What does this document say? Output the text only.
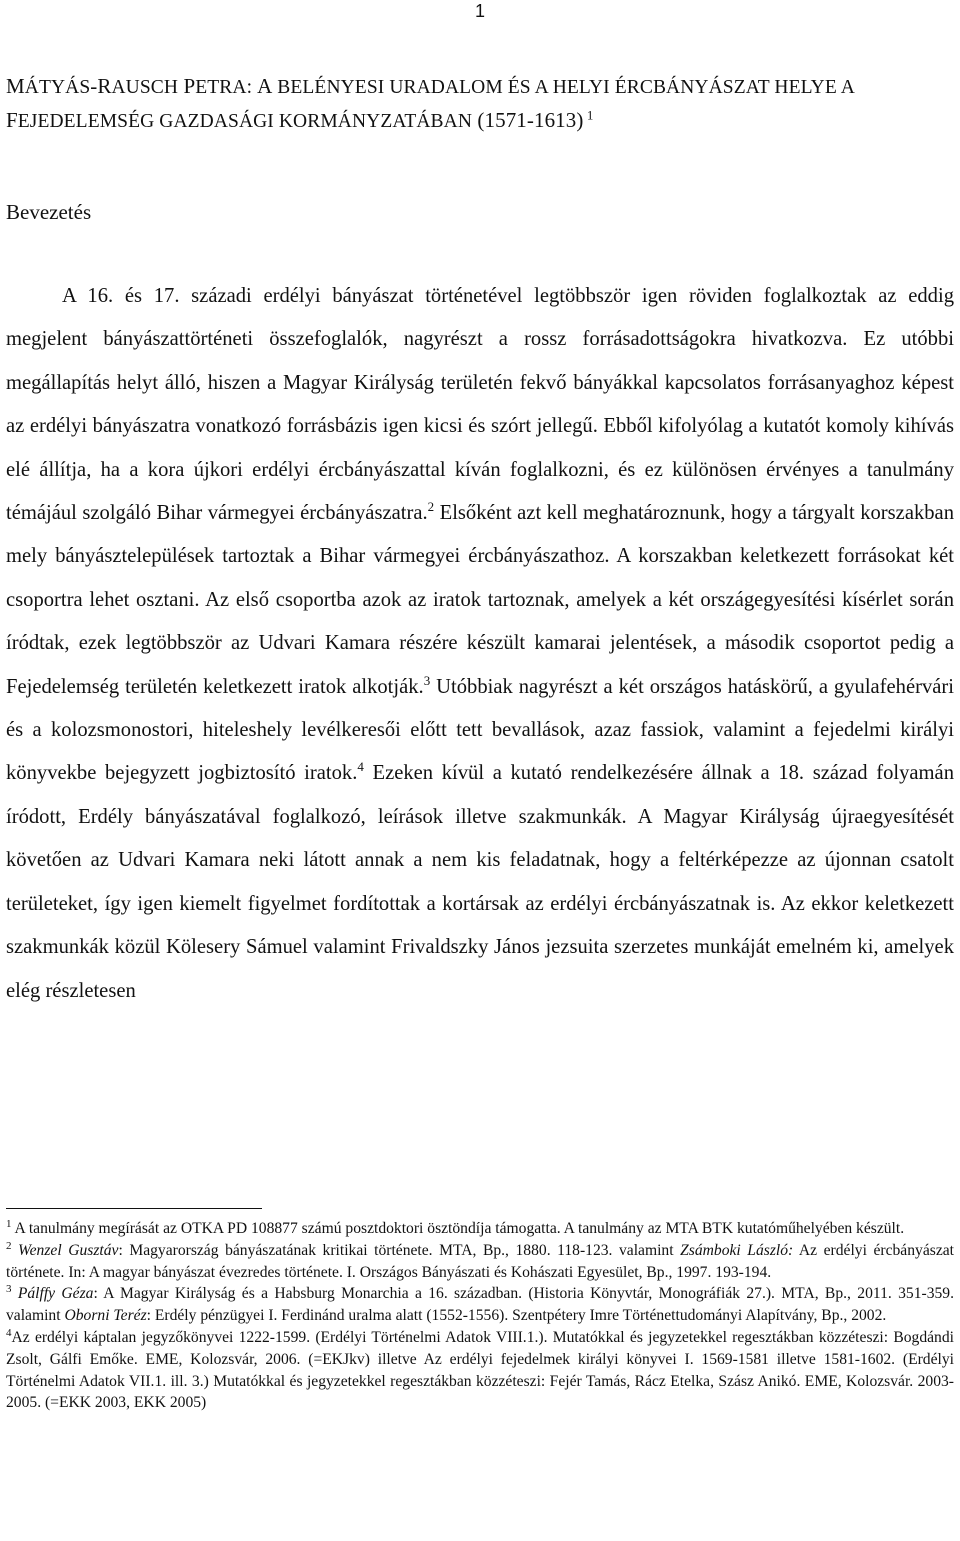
1
MÁTYÁS-RAUSCH PETRA: A BELÉNYESI URADALOM ÉS A HELYI ÉRCBÁNYÁSZAT HELYE A
FEJEDELEMSÉG GAZDASÁGI KORMÁNYZATÁBAN (1571-1613) $^1$
Bevezetés

A 16. és 17. századi erdélyi bányászat történetével legtöbbször igen röviden foglalkoztak az eddig megjelent bányászattörténeti összefoglalók, nagyrészt a rossz forrásadottságokra hivatkozva. Ez utóbbi megállapítás helyt álló, hiszen a Magyar Királyság területén fekvő bányákkal kapcsolatos forrásanyaghoz képest az erdélyi bányászatra vonatkozó forrásbázis igen kicsi és szórt jellegű. Ebből kifolyólag a kutatót komoly kihívás elé állítja, ha a kora újkori erdélyi ércbányászattal kíván foglalkozni, és ez különösen érvényes a tanulmány témájául szolgáló Bihar vármegyei ércbányászatra.$^2$ Elsőként azt kell meghatároznunk, hogy a tárgyalt korszakban mely bányásztelepülések tartoztak a Bihar vármegyei ércbányászathoz. A korszakban keletkezett forrásokat két csoportra lehet osztani. Az első csoportba azok az iratok tartoznak, amelyek a két országegyesítési kísérlet során íródtak, ezek legtöbbször az Udvari Kamara részére készült kamarai jelentések, a második csoportot pedig a Fejedelemség területén keletkezett iratok alkotják.$^3$ Utóbbiak nagyrészt a két országos hatáskörű, a gyulafehérvári és a kolozsmonostori, hiteleshely levélkeresői előtt tett bevallások, azaz fassiok, valamint a fejedelmi királyi könyvekbe bejegyzett jogbiztosító iratok.$^4$ Ezeken kívül a kutató rendelkezésére állnak a 18. század folyamán íródott, Erdély bányászatával foglalkozó, leírások illetve szakmunkák. A Magyar Királyság újraegyesítését követően az Udvari Kamara neki látott annak a nem kis feladatnak, hogy a feltérképezze az újonnan csatolt területeket, így igen kiemelt figyelmet fordítottak a kortársak az erdélyi ércbányászatnak is. Az ekkor keletkezett szakmunkák közül Kölesery Sámuel valamint Frivaldszky János jezsuita szerzetes munkáját emelném ki, amelyek elég részletesen

$^1$ A tanulmány megírását az OTKA PD 108877 számú posztdoktori ösztöndíja támogatta. A tanulmány az MTA BTK kutatóműhelyében készült.

$^2$ Wenzel Gusztáv: Magyarország bányászatának kritikai története. MTA, Bp., 1880. 118-123. valamint Zsámboki László: Az erdélyi ércbányászat története. In: A magyar bányászat évezredes története. I. Országos Bányászati és Kohászati Egyesület, Bp., 1997. 193-194.

$^3$ Pálffy Géza: A Magyar Királyság és a Habsburg Monarchia a 16. században. (Historia Könyvtár, Monográfiák 27.). MTA, Bp., 2011. 351-359. valamint Oborni Teréz: Erdély pénzügyei I. Ferdinánd uralma alatt (1552-1556). Szentpétery Imre Történettudományi Alapítvány, Bp., 2002.

$^4$Az erdélyi káptalan jegyzőkönyvei 1222-1599. (Erdélyi Történelmi Adatok VIII.1.). Mutatókkal és jegyzetekkel regesztákban közzéteszi: Bogdándi Zsolt, Gálfi Emőke. EME, Kolozsvár, 2006. (=EKJkv) illetve Az erdélyi fejedelmek királyi könyvei I. 1569-1581 illetve 1581-1602. (Erdélyi Történelmi Adatok VII.1. ill. 3.) Mutatókkal és jegyzetekkel regesztákban közzéteszi: Fejér Tamás, Rácz Etelka, Szász Anikó. EME, Kolozsvár. 2003-2005. (=EKK 2003, EKK 2005)
